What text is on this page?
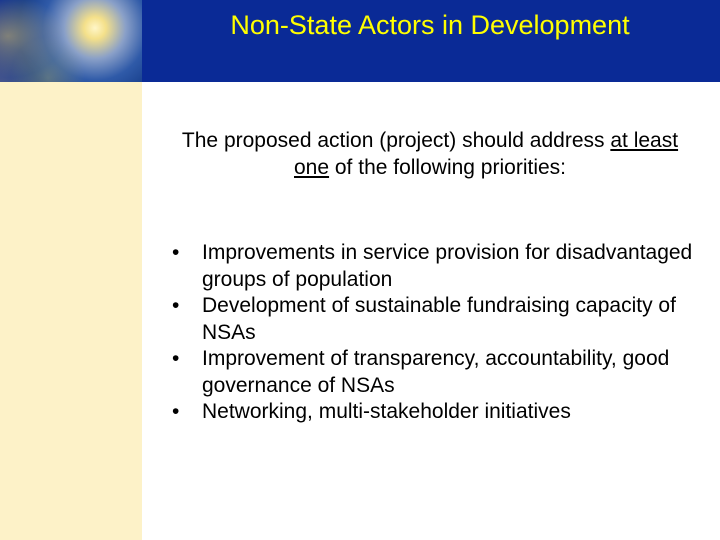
Non-State Actors in Development
The proposed action (project) should address at least one of the following priorities:
• Improvements in service provision for disadvantaged groups of population
• Development of sustainable fundraising capacity of NSAs
• Improvement of transparency, accountability, good governance of NSAs
• Networking, multi-stakeholder initiatives
